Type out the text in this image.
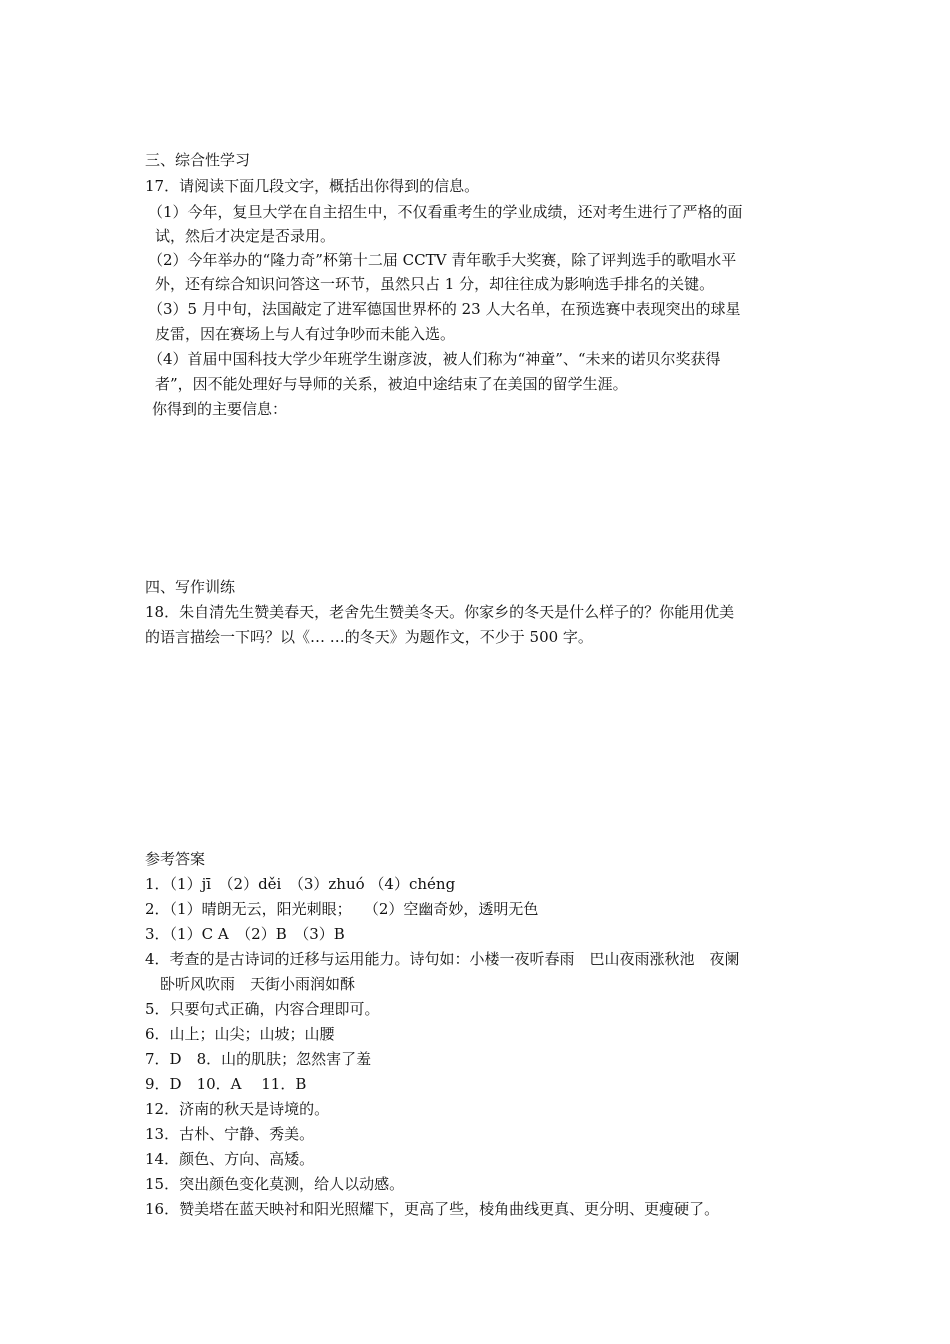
三、综合性学习
17．请阅读下面几段文字，概括出你得到的信息。
（1）今年，复旦大学在自主招生中，不仅看重考生的学业成绩，还对考生进行了严格的面
试，然后才决定是否录用。
（2）今年举办的“隆力奇”杯第十二届 CCTV 青年歌手大奖赛，除了评判选手的歌唱水平
外，还有综合知识问答这一环节，虽然只占 1 分，却往往成为影响选手排名的关键。
（3）5 月中旬，法国敲定了进军德国世界杯的 23 人大名单，在预选赛中表现突出的球星
皮雷，因在赛场上与人有过争吵而未能入选。
（4）首届中国科技大学少年班学生谢彦波，被人们称为“神童”、“未来的诺贝尔奖获得
者”，因不能处理好与导师的关系，被迫中途结束了在美国的留学生涯。
你得到的主要信息：
四、写作训练
18．朱自清先生赞美春天，老舍先生赞美冬天。你家乡的冬天是什么样子的？你能用优美
的语言描绘一下吗？以《… …的冬天》为题作文，不少于 500 字。
参考答案
1．（1）jī　（2）děi　（3）zhuó （4）chéng
2．（1）晴朗无云，阳光刺眼；　 （2）空幽奇妙，透明无色
3．（1）C A　（2）B　（3）B
4．考查的是古诗词的迁移与运用能力。诗句如：小楼一夜听春雨　巴山夜雨涨秋池　夜阑
　卧听风吹雨　天街小雨润如酥
5．只要句式正确，内容合理即可。
6．山上；山尖；山坡；山腰
7．D　8．山的肌肤；忽然害了羞
9．D　10．A　 11．B
12．济南的秋天是诗境的。
13．古朴、宁静、秀美。
14．颜色、方向、高矮。
15．突出颜色变化莫测，给人以动感。
16．赞美塔在蓝天映衬和阳光照耀下，更高了些，棱角曲线更真、更分明、更瘦硬了。
